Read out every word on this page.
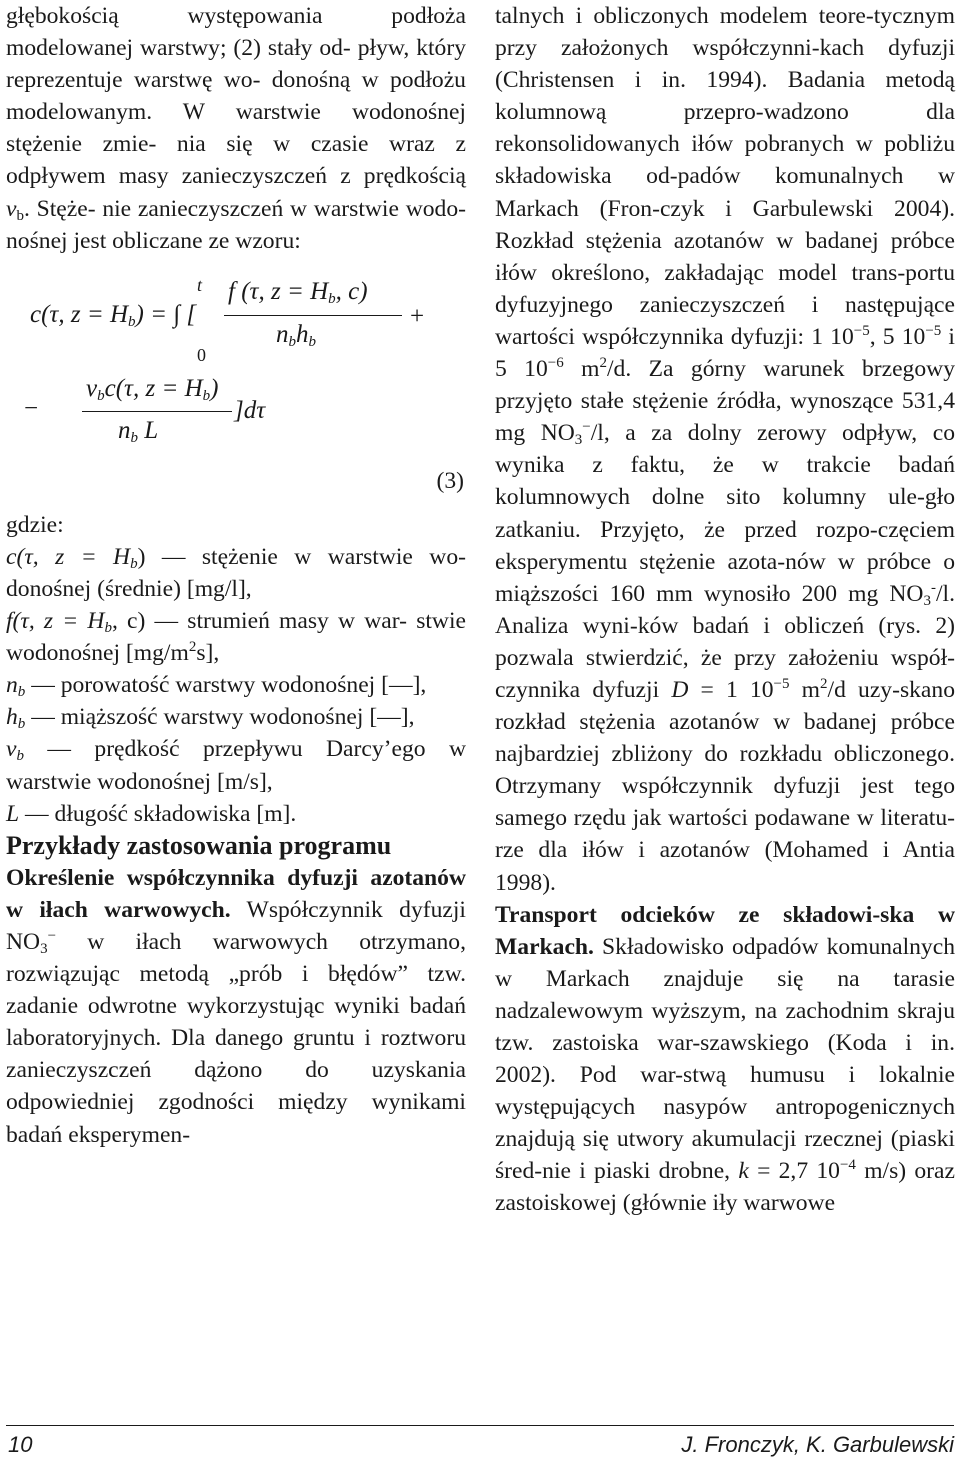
głębokością występowania podłoża modelowanej warstwy; (2) stały od- pływ, który reprezentuje warstwę wo- donośną w podłożu modelowanym. W warstwie wodonośnej stężenie zmie- nia się w czasie wraz z odpływem masy zanieczyszczeń z prędkością $v_b$. Stęże- nie zanieczyszczeń w warstwie wodo- nośnej jest obliczane ze wzoru:

t
0
c(τ, $z = H_b$) = ∫ [
f (τ, $z = H_b$, c)
$n_bh_b$
+
−
$v_bc(\tau$, $z = H_b$)
$n_b$ L
]dτ
(3)

gdzie:

c(τ, $z = H_b$) — stężenie w warstwie wo- donośnej (średnie) [mg/l],

f(τ, $z = H_b$, c) — strumień masy w war- stwie wodonośnej $[mg/m^2s]$,

$n_b$ — porowatość warstwy wodonośnej [—],

$h_b$ — miąższość warstwy wodonośnej [—],

$v_b$ — prędkość przepływu Darcy’ego w warstwie wodonośnej [m/s],

L — długość składowiska [m].

Przykłady zastosowania programu

Określenie współczynnika dyfuzji azotanów w iłach warwowych. Współczynnik dyfuzji $NO_3^-$ w iłach warwowych otrzymano, rozwiązując metodą „prób i błędów” tzw. zadanie odwrotne wykorzystując wyniki badań laboratoryjnych. Dla danego gruntu i roztworu zanieczyszczeń dążono do uzyskania odpowiedniej zgodności między wynikami badań eksperymen-

talnych i obliczonych modelem teore-tycznym przy założonych współczynni-kach dyfuzji (Christensen i in. 1994). Badania metodą kolumnową przepro-wadzono dla rekonsolidowanych iłów pobranych w pobliżu składowiska od-padów komunalnych w Markach (Fron-czyk i Garbulewski 2004). Rozkład stężenia azotanów w badanej próbce iłów określono, zakładając model trans-portu dyfuzyjnego zanieczyszczeń i następujące wartości współczynnika dyfuzji: 1 $10^{-5}$, 5 $10^{-5}$ i 5 $10^{-6}$ $m^2/d$. Za górny warunek brzegowy przyjęto stałe stężenie źródła, wynoszące 531,4 mg $NO_3^-/l$, a za dolny zerowy odpływ, co wynika z faktu, że w trakcie badań kolumnowych dolne sito kolumny ule-gło zatkaniu. Przyjęto, że przed rozpo-częciem eksperymentu stężenie azota-nów w próbce o miąższości 160 mm wynosiło 200 mg $NO_3^-/l$. Analiza wyni-ków badań i obliczeń (rys. 2) pozwala stwierdzić, że przy założeniu współ-czynnika dyfuzji D = 1 $10^{-5}$ $m^2/d$ uzy-skano rozkład stężenia azotanów w badanej próbce najbardziej zbliżony do rozkładu obliczonego. Otrzymany współczynnik dyfuzji jest tego samego rzędu jak wartości podawane w literatu-rze dla iłów i azotanów (Mohamed i Antia 1998).

Transport odcieków ze składowi-ska w Markach. Składowisko odpadów komunalnych w Markach znajduje się na tarasie nadzalewowym wyższym, na zachodnim skraju tzw. zastoiska war-szawskiego (Koda i in. 2002). Pod war-stwą humusu i lokalnie występujących nasypów antropogenicznych znajdują się utwory akumulacji rzecznej (piaski śred-nie i piaski drobne, k = 2,7 $10^{-4}$ m/s) oraz zastoiskowej (głównie iły warwowe

10	J. Fronczyk, K. Garbulewski
